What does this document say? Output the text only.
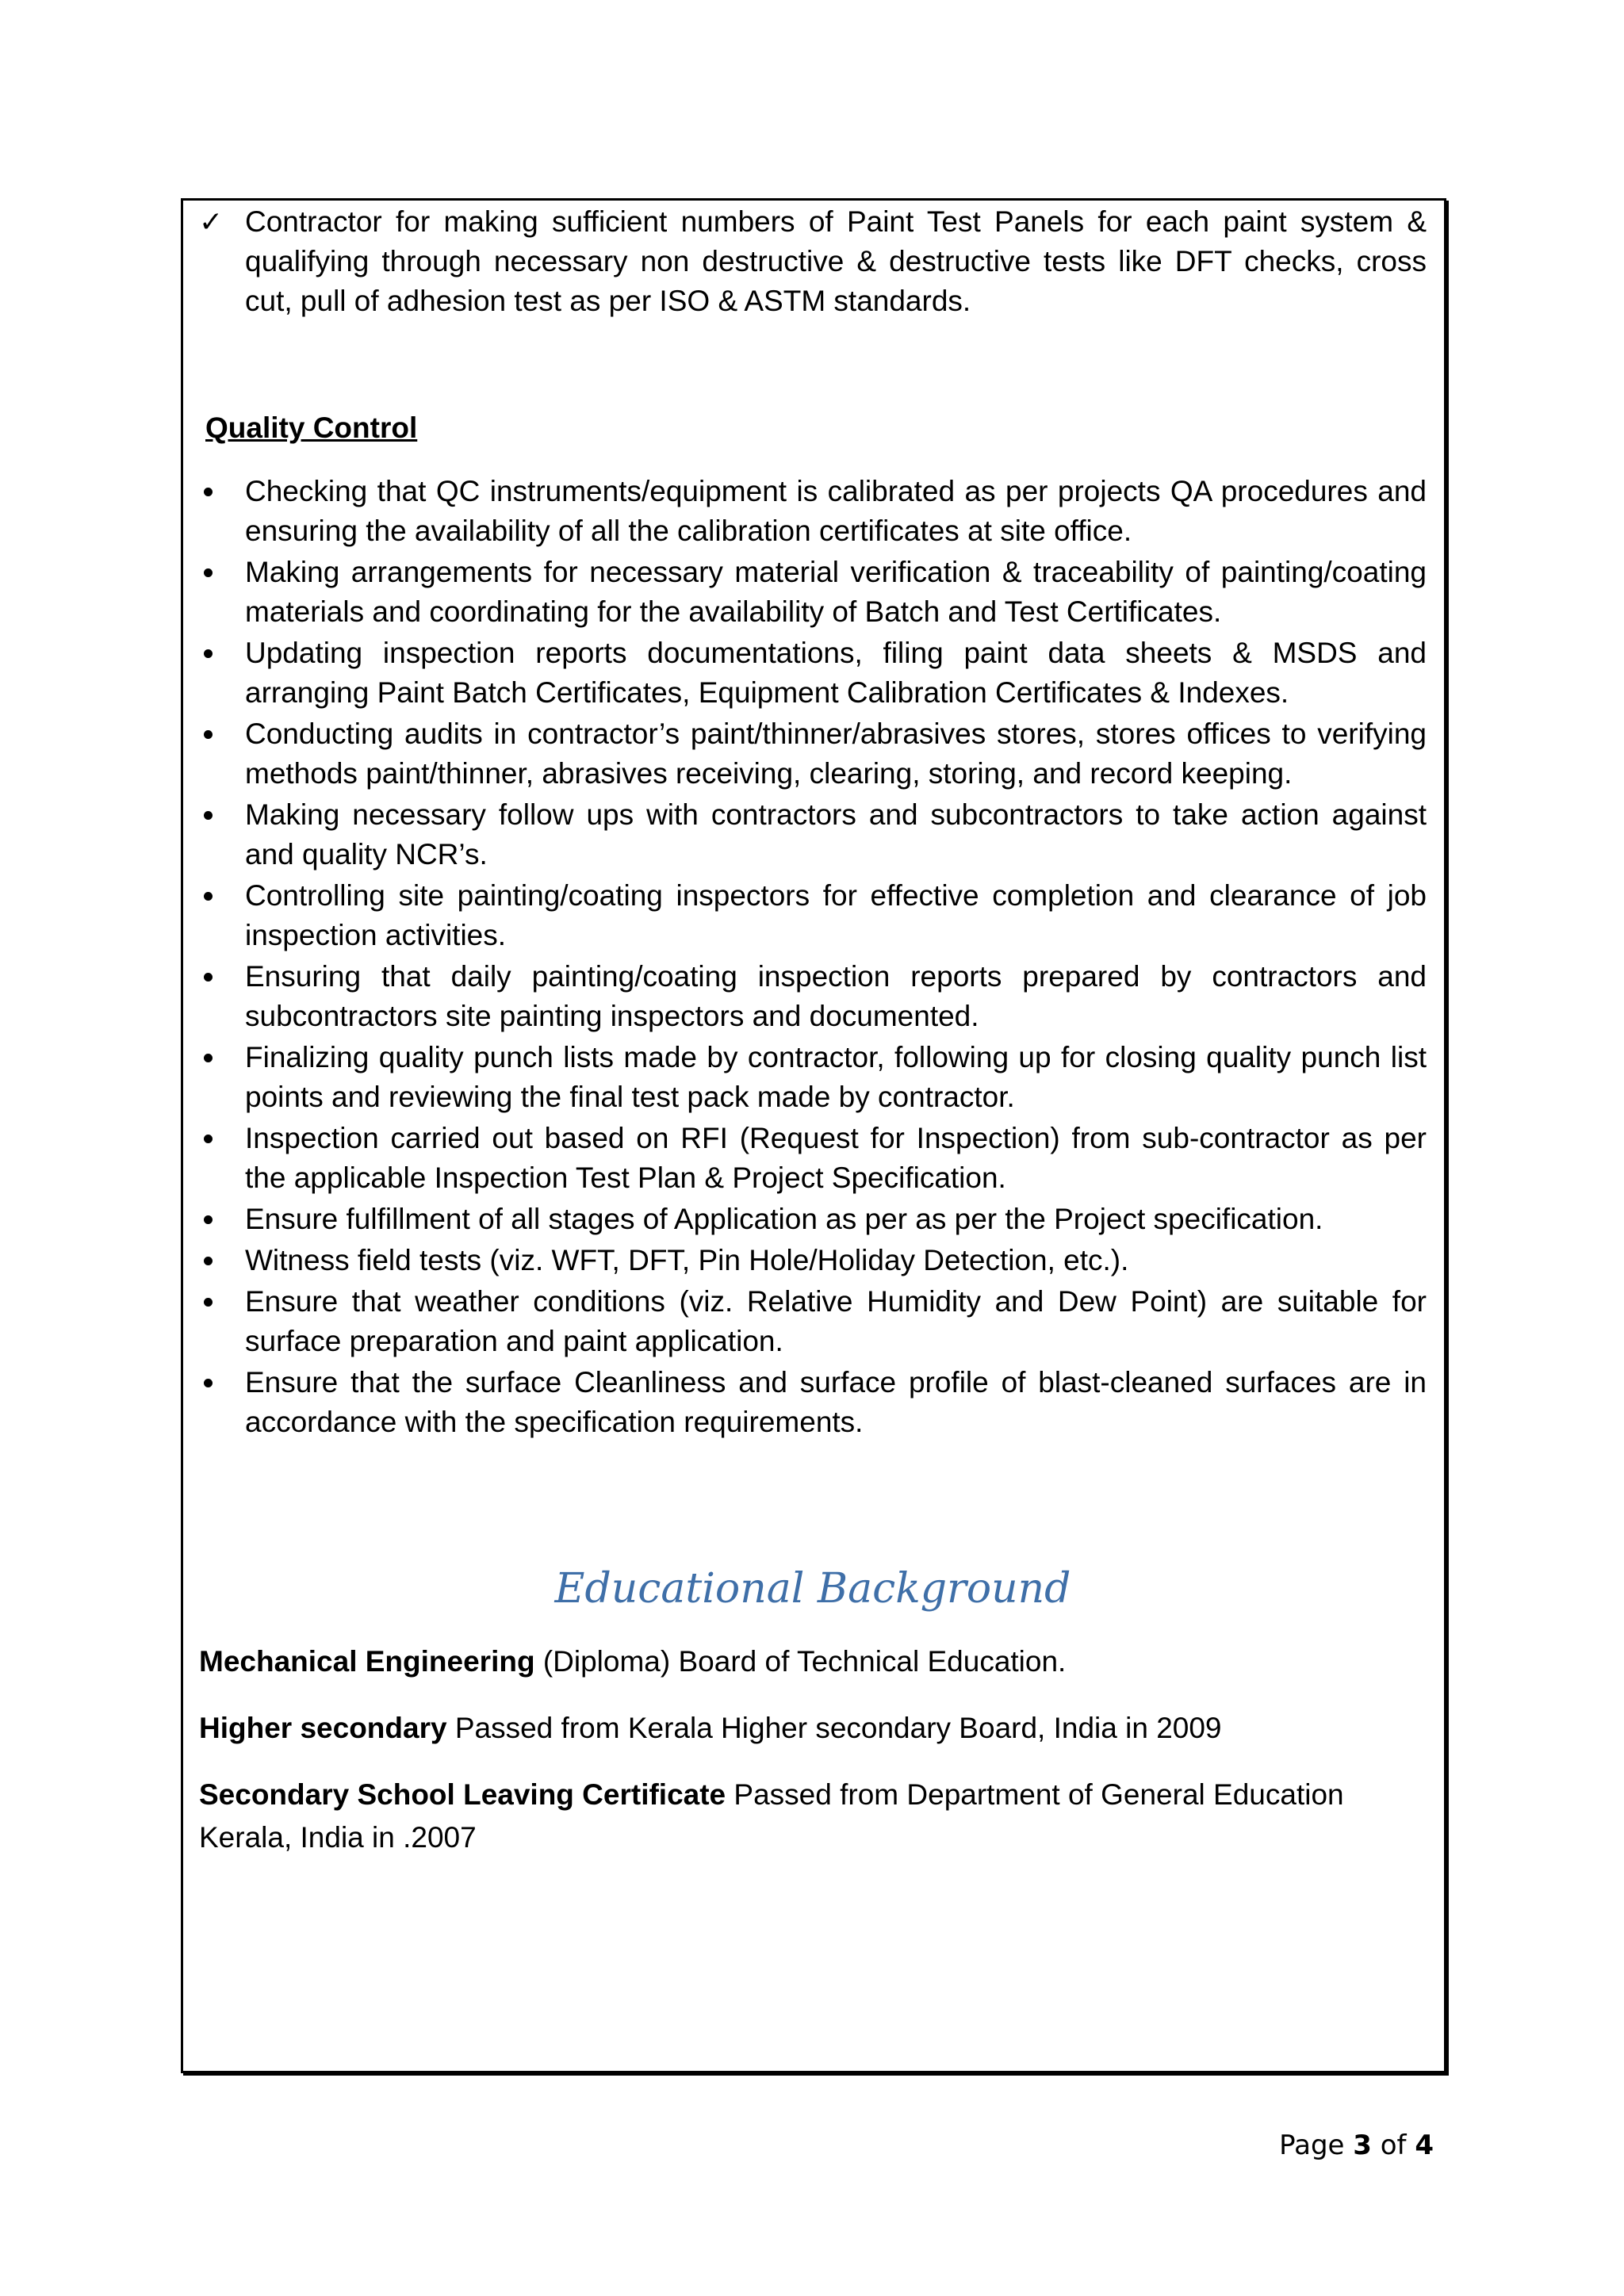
✓ Contractor for making sufficient numbers of Paint Test Panels for each paint system & qualifying through necessary non destructive & destructive tests like DFT checks, cross cut, pull of adhesion test as per ISO & ASTM standards.
Quality Control
Checking that QC instruments/equipment is calibrated as per projects QA procedures and ensuring the availability of all the calibration certificates at site office.
Making arrangements for necessary material verification & traceability of painting/coating materials and coordinating for the availability of Batch and Test Certificates.
Updating inspection reports documentations, filing paint data sheets & MSDS and arranging Paint Batch Certificates, Equipment Calibration Certificates & Indexes.
Conducting audits in contractor’s paint/thinner/abrasives stores, stores offices to verifying methods paint/thinner, abrasives receiving, clearing, storing, and record keeping.
Making necessary follow ups with contractors and subcontractors to take action against and quality NCR’s.
Controlling site painting/coating inspectors for effective completion and clearance of job inspection activities.
Ensuring that daily painting/coating inspection reports prepared by contractors and subcontractors site painting inspectors and documented.
Finalizing quality punch lists made by contractor, following up for closing quality punch list points and reviewing the final test pack made by contractor.
Inspection carried out based on RFI (Request for Inspection) from sub-contractor as per the applicable Inspection Test Plan & Project Specification.
Ensure fulfillment of all stages of Application as per as per the Project specification.
Witness field tests (viz. WFT, DFT, Pin Hole/Holiday Detection, etc.).
Ensure that weather conditions (viz. Relative Humidity and Dew Point) are suitable for surface preparation and paint application.
Ensure that the surface Cleanliness and surface profile of blast-cleaned surfaces are in accordance with the specification requirements.
Educational Background
Mechanical Engineering (Diploma) Board of Technical Education.
Higher secondary Passed from Kerala Higher secondary Board, India in 2009
Secondary School Leaving Certificate Passed from Department of General Education Kerala, India in .2007
Page 3 of 4
